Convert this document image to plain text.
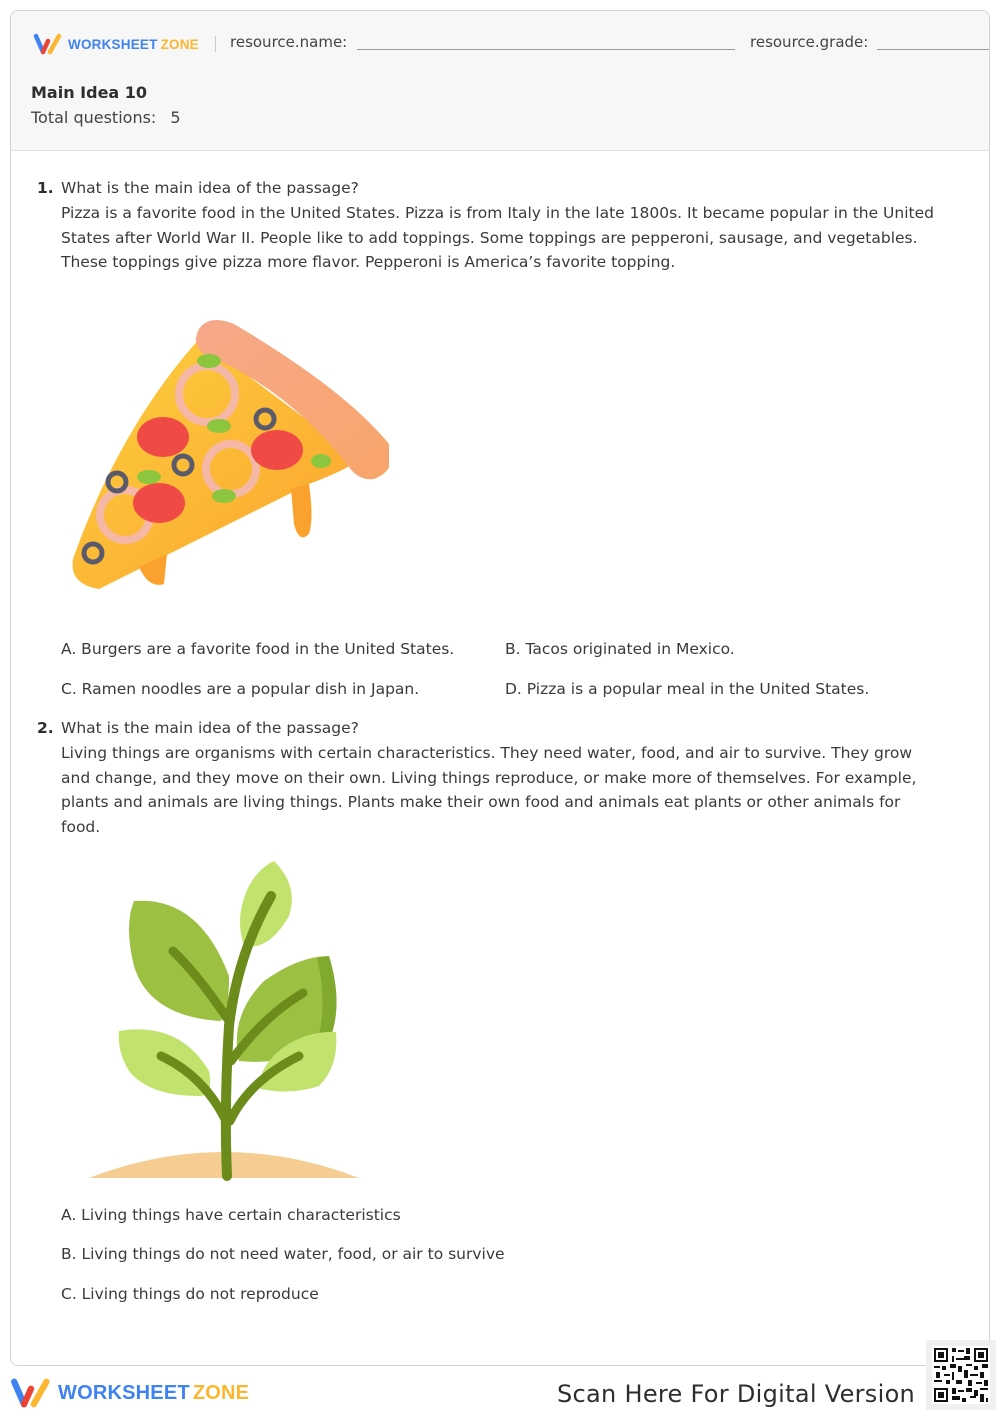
WORKSHEET ZONE resource.name:	resource.grade:
Main Idea 10
Total questions: 5
1. What is the main idea of the passage?
Pizza is a favorite food in the United States. Pizza is from Italy in the late 1800s. It became popular in the United States after World War II. People like to add toppings. Some toppings are pepperoni, sausage, and vegetables. These toppings give pizza more flavor. Pepperoni is America’s favorite topping.
A. Burgers are a favorite food in the United States.	B. Tacos originated in Mexico.
C. Ramen noodles are a popular dish in Japan.	D. Pizza is a popular meal in the United States.
2. What is the main idea of the passage?
Living things are organisms with certain characteristics. They need water, food, and air to survive. They grow and change, and they move on their own. Living things reproduce, or make more of themselves. For example, plants and animals are living things. Plants make their own food and animals eat plants or other animals for food.
A. Living things have certain characteristics
B. Living things do not need water, food, or air to survive
C. Living things do not reproduce
WORKSHEET ZONE	Scan Here For Digital Version
